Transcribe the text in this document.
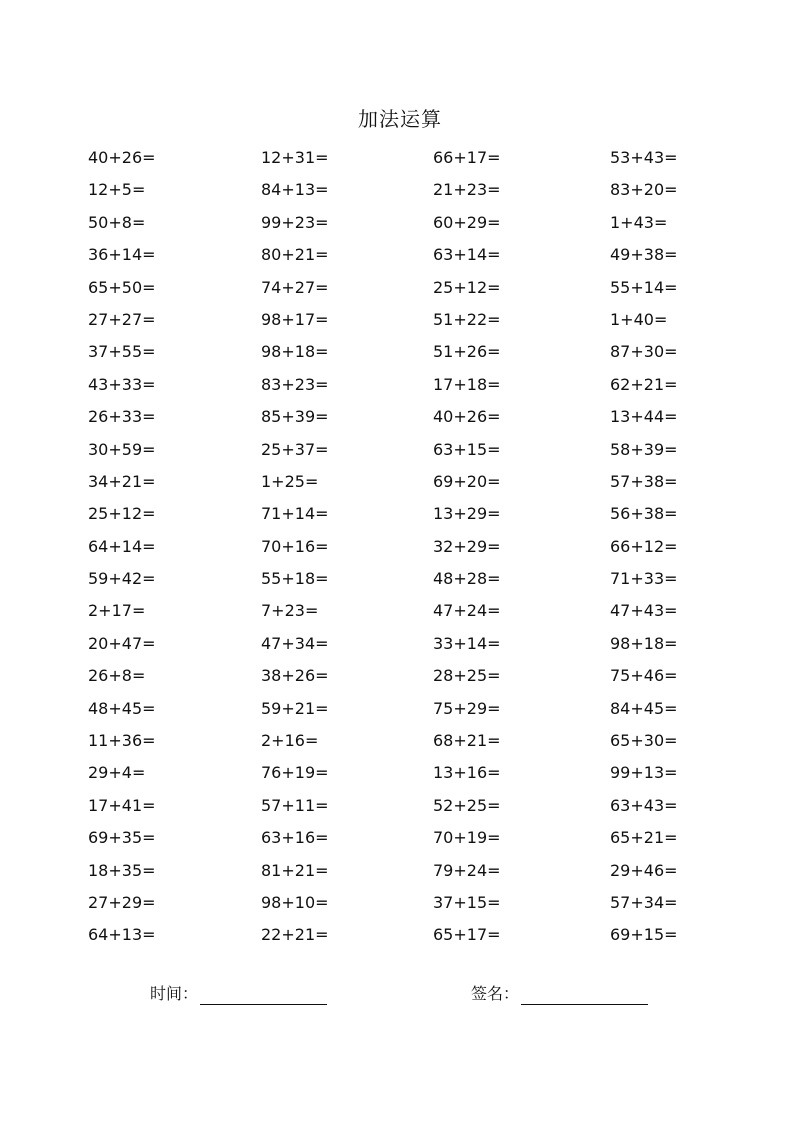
加法运算
40+26=	12+31=	66+17=	53+43=
12+5=	84+13=	21+23=	83+20=
50+8=	99+23=	60+29=	1+43=
36+14=	80+21=	63+14=	49+38=
65+50=	74+27=	25+12=	55+14=
27+27=	98+17=	51+22=	1+40=
37+55=	98+18=	51+26=	87+30=
43+33=	83+23=	17+18=	62+21=
26+33=	85+39=	40+26=	13+44=
30+59=	25+37=	63+15=	58+39=
34+21=	1+25=	69+20=	57+38=
25+12=	71+14=	13+29=	56+38=
64+14=	70+16=	32+29=	66+12=
59+42=	55+18=	48+28=	71+33=
2+17=	7+23=	47+24=	47+43=
20+47=	47+34=	33+14=	98+18=
26+8=	38+26=	28+25=	75+46=
48+45=	59+21=	75+29=	84+45=
11+36=	2+16=	68+21=	65+30=
29+4=	76+19=	13+16=	99+13=
17+41=	57+11=	52+25=	63+43=
69+35=	63+16=	70+19=	65+21=
18+35=	81+21=	79+24=	29+46=
27+29=	98+10=	37+15=	57+34=
64+13=	22+21=	65+17=	69+15=
时间：	签名：
